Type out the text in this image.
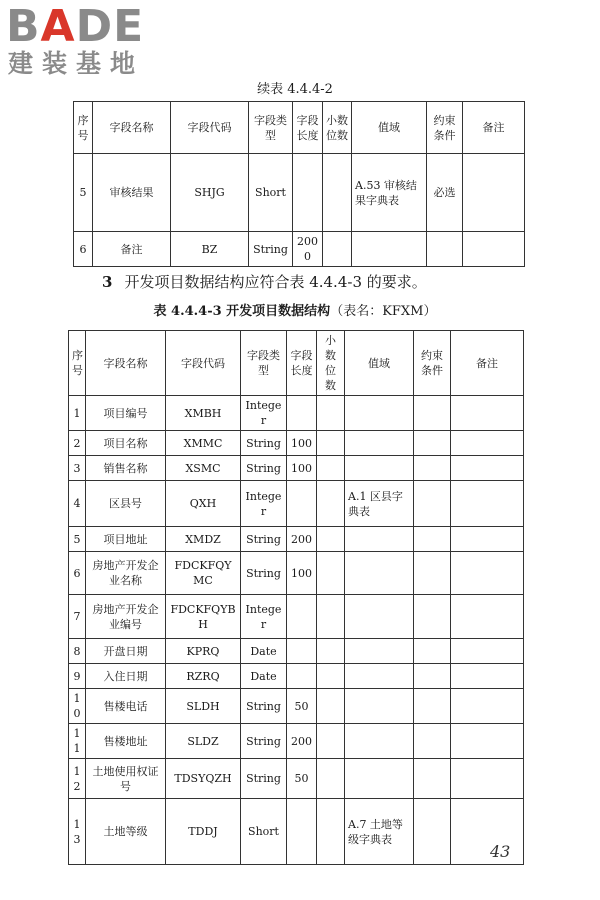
BADE
建装基地
续表 4.4.4-2
序号	字段名称	字段代码	字段类型	字段长度	小数位数	值域	约束条件	备注
5	审核结果	SHJG	Short			A.53 审核结果字典表	必选	
6	备注	BZ	String	2000				
3 开发项目数据结构应符合表 4.4.4-3 的要求。
表 4.4.4-3 开发项目数据结构（表名：KFXM）
序号	字段名称	字段代码	字段类型	字段长度	小数位数	值域	约束条件	备注
1	项目编号	XMBH	Integer					
2	项目名称	XMMC	String	100				
3	销售名称	XSMC	String	100				
4	区县号	QXH	Integer			A.1 区县字典表		
5	项目地址	XMDZ	String	200				
6	房地产开发企业名称	FDCKFQYMC	String	100				
7	房地产开发企业编号	FDCKFQYBH	Integer					
8	开盘日期	KPRQ	Date					
9	入住日期	RZRQ	Date					
10	售楼电话	SLDH	String	50				
11	售楼地址	SLDZ	String	200				
12	土地使用权证号	TDSYQZH	String	50				
13	土地等级	TDDJ	Short			A.7 土地等级字典表		
43
